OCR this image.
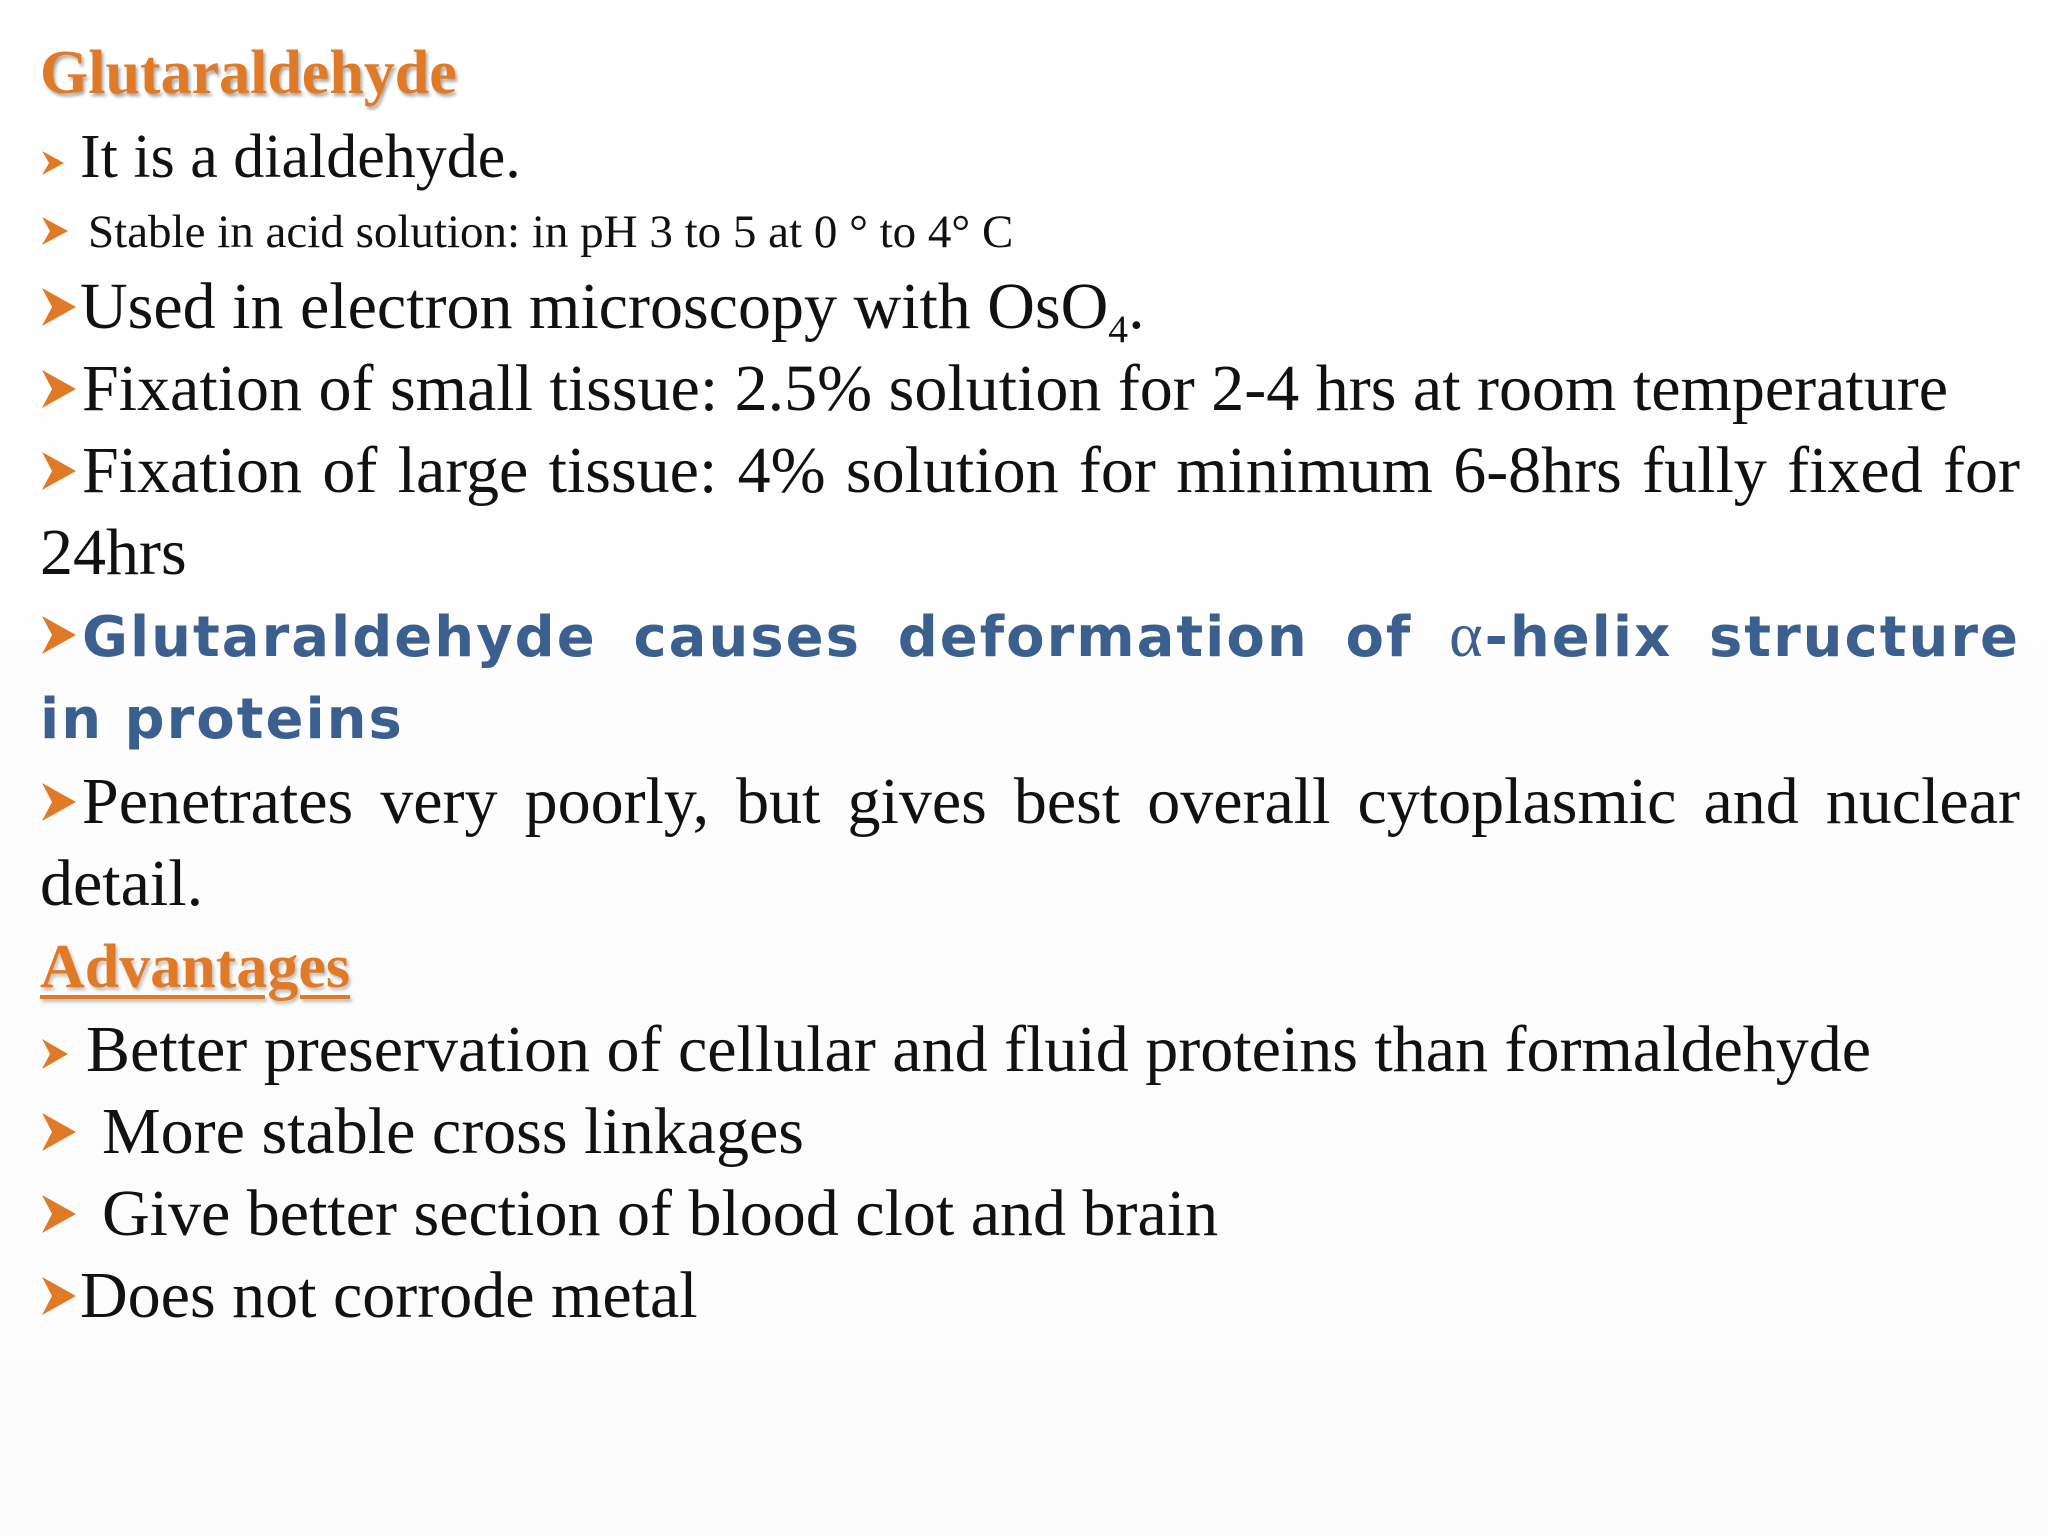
Glutaraldehyde
It is a dialdehyde.
Stable in acid solution: in pH 3 to 5 at 0 ° to 4° C
Used in electron microscopy with OsO$_4$.
Fixation of small tissue: 2.5% solution for 2-4 hrs at room temperature
Fixation of large tissue: 4% solution for minimum 6-8hrs fully fixed for 24hrs
Glutaraldehyde causes deformation of α-helix structure in proteins
Penetrates very poorly, but gives best overall cytoplasmic and nuclear detail.
Advantages
Better preservation of cellular and fluid proteins than formaldehyde
More stable cross linkages
Give better section of blood clot and brain
Does not corrode metal
